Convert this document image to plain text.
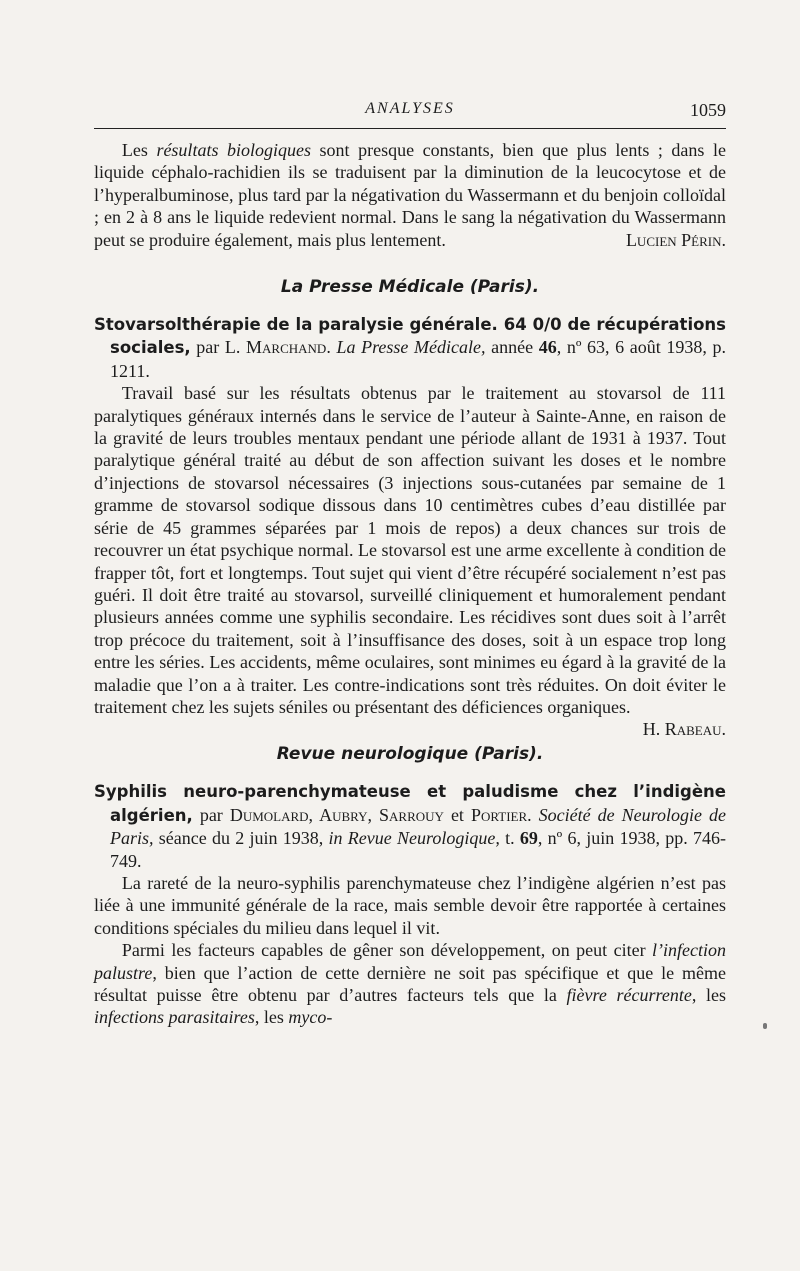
ANALYSES	1059

Les résultats biologiques sont presque constants, bien que plus lents ; dans le liquide céphalo-rachidien ils se traduisent par la diminution de la leucocytose et de l’hyperalbuminose, plus tard par la négativation du Wassermann et du benjoin colloïdal ; en 2 à 8 ans le liquide redevient normal. Dans le sang la négativation du Wassermann peut se produire également, mais plus lentement.	Lucien Périn.

La Presse Médicale (Paris).

Stovarsolthérapie de la paralysie générale. 64 0/0 de récupérations sociales, par L. Marchand. La Presse Médicale, année 46, nº 63, 6 août 1938, p. 1211.

Travail basé sur les résultats obtenus par le traitement au stovarsol de 111 paralytiques généraux internés dans le service de l’auteur à Sainte-Anne, en raison de la gravité de leurs troubles mentaux pendant une période allant de 1931 à 1937. Tout paralytique général traité au début de son affection suivant les doses et le nombre d’injections de stovarsol nécessaires (3 injections sous-cutanées par semaine de 1 gramme de stovarsol sodique dissous dans 10 centimètres cubes d’eau distillée par série de 45 grammes séparées par 1 mois de repos) a deux chances sur trois de recouvrer un état psychique normal. Le stovarsol est une arme excellente à condition de frapper tôt, fort et longtemps. Tout sujet qui vient d’être récupéré socialement n’est pas guéri. Il doit être traité au stovarsol, surveillé cliniquement et humoralement pendant plusieurs années comme une syphilis secondaire. Les récidives sont dues soit à l’arrêt trop précoce du traitement, soit à l’insuffisance des doses, soit à un espace trop long entre les séries. Les accidents, même oculaires, sont minimes eu égard à la gravité de la maladie que l’on a à traiter. Les contre-indications sont très réduites. On doit éviter le traitement chez les sujets séniles ou présentant des déficiences organiques.
H. Rabeau.

Revue neurologique (Paris).

Syphilis neuro-parenchymateuse et paludisme chez l’indigène algérien, par Dumolard, Aubry, Sarrouy et Portier. Société de Neurologie de Paris, séance du 2 juin 1938, in Revue Neurologique, t. 69, nº 6, juin 1938, pp. 746-749.

La rareté de la neuro-syphilis parenchymateuse chez l’indigène algérien n’est pas liée à une immunité générale de la race, mais semble devoir être rapportée à certaines conditions spéciales du milieu dans lequel il vit.

Parmi les facteurs capables de gêner son développement, on peut citer l’infection palustre, bien que l’action de cette dernière ne soit pas spécifique et que le même résultat puisse être obtenu par d’autres facteurs tels que la fièvre récurrente, les infections parasitaires, les myco-
